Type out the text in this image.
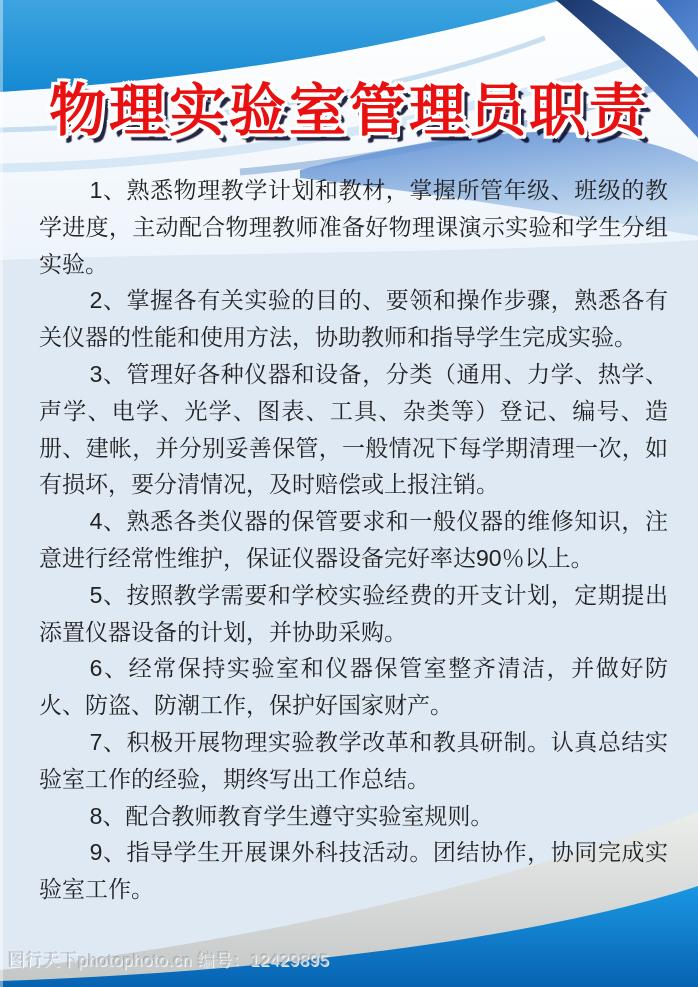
物理实验室管理员职责

1、熟悉物理教学计划和教材，掌握所管年级、班级的教学进度，主动配合物理教师准备好物理课演示实验和学生分组实验。

2、掌握各有关实验的目的、要领和操作步骤，熟悉各有关仪器的性能和使用方法，协助教师和指导学生完成实验。

3、管理好各种仪器和设备，分类（通用、力学、热学、声学、电学、光学、图表、工具、杂类等）登记、编号、造册、建帐，并分别妥善保管，一般情况下每学期清理一次，如有损坏，要分清情况，及时赔偿或上报注销。

4、熟悉各类仪器的保管要求和一般仪器的维修知识，注意进行经常性维护，保证仪器设备完好率达90％以上。

5、按照教学需要和学校实验经费的开支计划，定期提出添置仪器设备的计划，并协助采购。

6、经常保持实验室和仪器保管室整齐清洁，并做好防火、防盗、防潮工作，保护好国家财产。

7、积极开展物理实验教学改革和教具研制。认真总结实验室工作的经验，期终写出工作总结。

8、配合教师教育学生遵守实验室规则。

9、指导学生开展课外科技活动。团结协作，协同完成实验室工作。

图行天下photophoto.cn 编号：12429895
